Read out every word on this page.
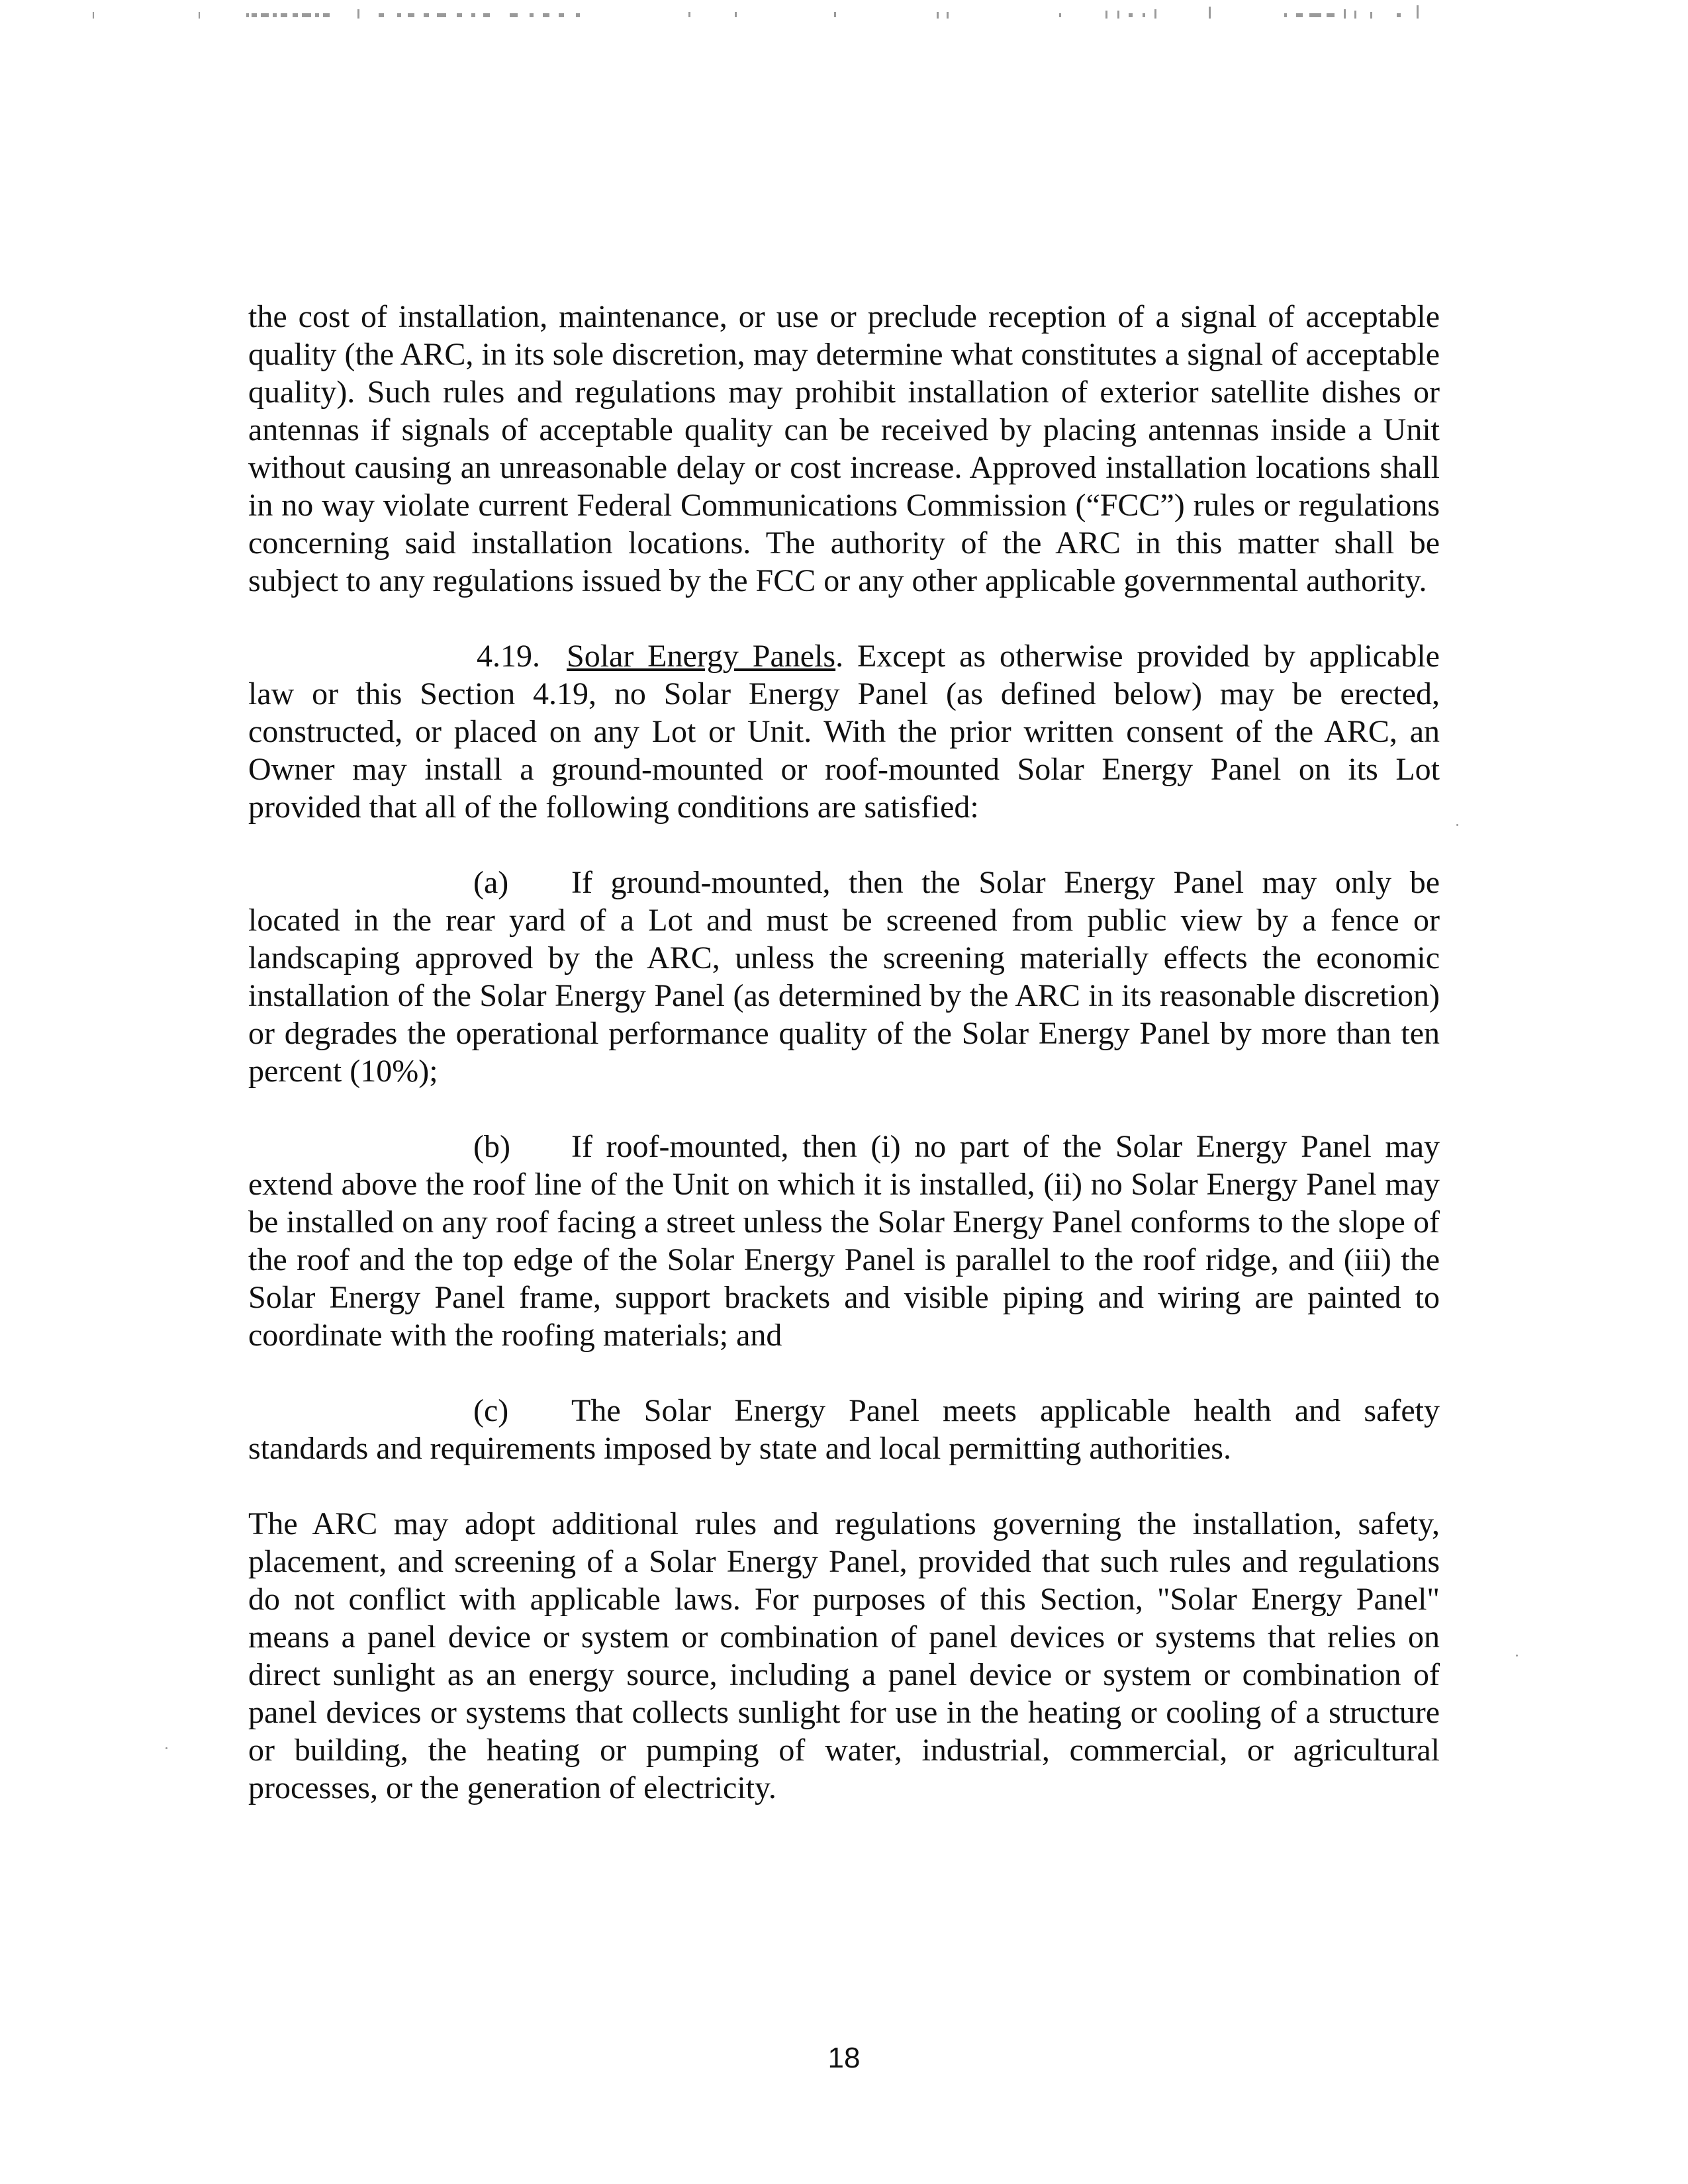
the cost of installation, maintenance, or use or preclude reception of a signal of acceptable quality (the ARC, in its sole discretion, may determine what constitutes a signal of acceptable quality). Such rules and regulations may prohibit installation of exterior satellite dishes or antennas if signals of acceptable quality can be received by placing antennas inside a Unit without causing an unreasonable delay or cost increase. Approved installation locations shall in no way violate current Federal Communications Commission (“FCC”) rules or regulations concerning said installation locations. The authority of the ARC in this matter shall be subject to any regulations issued by the FCC or any other applicable governmental authority.

4.19. Solar Energy Panels. Except as otherwise provided by applicable law or this Section 4.19, no Solar Energy Panel (as defined below) may be erected, constructed, or placed on any Lot or Unit. With the prior written consent of the ARC, an Owner may install a ground-mounted or roof-mounted Solar Energy Panel on its Lot provided that all of the following conditions are satisfied:

(a) If ground-mounted, then the Solar Energy Panel may only be located in the rear yard of a Lot and must be screened from public view by a fence or landscaping approved by the ARC, unless the screening materially effects the economic installation of the Solar Energy Panel (as determined by the ARC in its reasonable discretion) or degrades the operational performance quality of the Solar Energy Panel by more than ten percent (10%);

(b) If roof-mounted, then (i) no part of the Solar Energy Panel may extend above the roof line of the Unit on which it is installed, (ii) no Solar Energy Panel may be installed on any roof facing a street unless the Solar Energy Panel conforms to the slope of the roof and the top edge of the Solar Energy Panel is parallel to the roof ridge, and (iii) the Solar Energy Panel frame, support brackets and visible piping and wiring are painted to coordinate with the roofing materials; and

(c) The Solar Energy Panel meets applicable health and safety standards and requirements imposed by state and local permitting authorities.

The ARC may adopt additional rules and regulations governing the installation, safety, placement, and screening of a Solar Energy Panel, provided that such rules and regulations do not conflict with applicable laws. For purposes of this Section, "Solar Energy Panel" means a panel device or system or combination of panel devices or systems that relies on direct sunlight as an energy source, including a panel device or system or combination of panel devices or systems that collects sunlight for use in the heating or cooling of a structure or building, the heating or pumping of water, industrial, commercial, or agricultural processes, or the generation of electricity.

18
